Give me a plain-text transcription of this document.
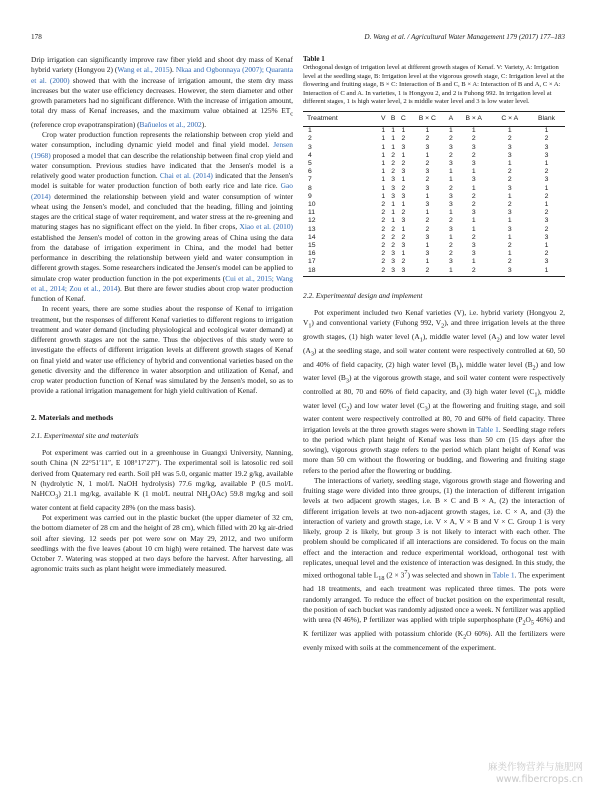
178	D. Wang et al. / Agricultural Water Management 179 (2017) 177–183

Drip irrigation can significantly improve raw fiber yield and shoot dry mass of Kenaf hybrid variety (Hongyou 2) (Wang et al., 2015). Nkaa and Ogbonnaya (2007); Quaranta et al. (2000) showed that with the increase of irrigation amount, the stem dry mass increases but the water use efficiency decreases. However, the stem diameter and other growth parameters had no significant difference. With the increase of irrigation amount, total dry mass of Kenaf increases, and the maximum value obtained at 125% $ET_c$ (reference crop evapotranspiration) (Bañuelos et al., 2002).

Crop water production function represents the relationship between crop yield and water consumption, including dynamic yield model and final yield model. Jensen (1968) proposed a model that can describe the relationship between final crop yield and water consumption. Previous studies have indicated that the Jensen's model is a relatively good water production function. Chai et al. (2014) indicated that the Jensen's model is suitable for water production function of both early rice and late rice. Gao (2014) determined the relationship between yield and water consumption of winter wheat using the Jensen's model, and concluded that the heading, filling and jointing stages are the critical stage of water requirement, and water stress at the re-greening and maturing stages has no significant effect on the yield. In fiber crops, Xiao et al. (2010) established the Jensen's model of cotton in the growing areas of China using the data from the database of irrigation experiment in China, and the model had better performance in describing the relationship between yield and water consumption in different growth stages. Some researchers indicated the Jensen's model can be applied to simulate crop water production function in the pot experiments (Cui et al., 2015; Wang et al., 2014; Zou et al., 2014). But there are fewer studies about crop water production function of Kenaf.

In recent years, there are some studies about the response of Kenaf to irrigation treatment, but the responses of different Kenaf varieties to different regions to irrigation treatment and water demand (including physiological and ecological water demand) at different growth stages are not the same. Thus the objectives of this study were to investigate the effects of different irrigation levels at different growth stages of Kenaf on final yield and water use efficiency of hybrid and conventional varieties based on the genetic diversity and the difference in water absorption and utilization of Kenaf, and crop water production function of Kenaf was simulated by the Jensen's model, so as to provide a rational irrigation management for high yield cultivation of Kenaf.

2. Materials and methods
2.1. Experimental site and materials

Pot experiment was carried out in a greenhouse in Guangxi University, Nanning, south China (N 22°51′11″, E 108°17′27″). The experimental soil is latosolic red soil derived from Quaternary red earth. Soil pH was 5.0, organic matter 19.2 g/kg, available N (hydrolytic N, 1 mol/L NaOH hydrolysis) 77.6 mg/kg, available P (0.5 mol/L NaHCO$_3$) 21.1 mg/kg, available K (1 mol/L neutral $NH_4OAc$) 59.8 mg/kg and soil water content at field capacity 28% (on the mass basis).

Pot experiment was carried out in the plastic bucket (the upper diameter of 32 cm, the bottom diameter of 28 cm and the height of 28 cm), which filled with 20 kg air-dried soil after sieving. 12 seeds per pot were sow on May 29, 2012, and two uniform seedlings with the five leaves (about 10 cm high) were retained. The harvest date was October 7. Watering was stopped at two days before the harvest. After harvesting, all agronomic traits such as plant height were immediately measured.

Table 1
Orthogonal design of irrigation level at different growth stages of Kenaf. V: Variety, A: Irrigation level at the seedling stage, B: Irrigation level at the vigorous growth stage, C: Irrigation level at the flowering and fruiting stage, B × C: Interaction of B and C, B × A: Interaction of B and A, C × A: Interaction of C and A. In varieties, 1 is Hongyou 2, and 2 is Fuhong 992. In irrigation level at different stages, 1 is high water level, 2 is middle water level and 3 is low water level.
Treatment	V	B	C	B × C	A	B × A	C × A	Blank
1	1	1	1	1	1	1	1	1
2	1	1	2	2	2	2	2	2
3	1	1	3	3	3	3	3	3
4	1	2	1	1	2	2	3	3
5	1	2	2	2	3	3	1	1
6	1	2	3	3	1	1	2	2
7	1	3	1	2	1	3	2	3
8	1	3	2	3	2	1	3	1
9	1	3	3	1	3	2	1	2
10	2	1	1	3	3	2	2	1
11	2	1	2	1	1	3	3	2
12	2	1	3	2	2	1	1	3
13	2	2	1	2	3	1	3	2
14	2	2	2	3	1	2	1	3
15	2	2	3	1	2	3	2	1
16	2	3	1	3	2	3	1	2
17	2	3	2	1	3	1	2	3
18	2	3	3	2	1	2	3	1
2.2. Experimental design and implement

Pot experiment included two Kenaf varieties (V), i.e. hybrid variety (Hongyou 2, $V_1$) and conventional variety (Fuhong 992, $V_2$), and three irrigation levels at the three growth stages, (1) high water level $(A_1)$, middle water level $(A_2)$ and low water level $(A_3)$ at the seedling stage, and soil water content were respectively controlled at 60, 50 and 40% of field capacity, (2) high water level $(B_1)$, middle water level $(B_2)$ and low water level $(B_3)$ at the vigorous growth stage, and soil water content were respectively controlled at 80, 70 and 60% of field capacity, and (3) high water level $(C_1)$, middle water level $(C_2)$ and low water level $(C_3)$ at the flowering and fruiting stage, and soil water content were respectively controlled at 80, 70 and 60% of field capacity. Three irrigation levels at the three growth stages were shown in Table 1. Seedling stage refers to the period which plant height of Kenaf was less than 50 cm (15 days after the sowing), vigorous growth stage refers to the period which plant height of Kenaf was more than 50 cm without the flowering or budding, and flowering and fruiting stage refers to the period after the flowering or budding.

The interactions of variety, seedling stage, vigorous growth stage and flowering and fruiting stage were divided into three groups, (1) the interaction of different irrigation levels at two adjacent growth stages, i.e. B × C and B × A, (2) the interaction of different irrigation levels at two non-adjacent growth stages, i.e. C × A, and (3) the interaction of variety and growth stage, i.e. V × A, V × B and V × C. Group 1 is very likely, group 2 is likely, but group 3 is not likely to interact with each other. The problem should be complicated if all interactions are considered. To focus on the main effect and the interaction and reduce experimental workload, orthogonal test with replicates, unequal level and the existence of interaction was designed. In this study, the mixed orthogonal table $L_{18}$ $(2 \times 3^7)$ was selected and shown in Table 1. The experiment had 18 treatments, and each treatment was replicated three times. The pots were randomly arranged. To reduce the effect of bucket position on the experimental result, the position of each bucket was randomly adjusted once a week. N fertilizer was applied with urea (N 46%), P fertilizer was applied with triple superphosphate ($P_2O_5$ 46%) and K fertilizer was applied with potassium chloride ($K_2O$ 60%). All the fertilizers were evenly mixed with soils at the commencement of the experiment.

麻类作物营养与施肥网
www.fibercrops.cn
